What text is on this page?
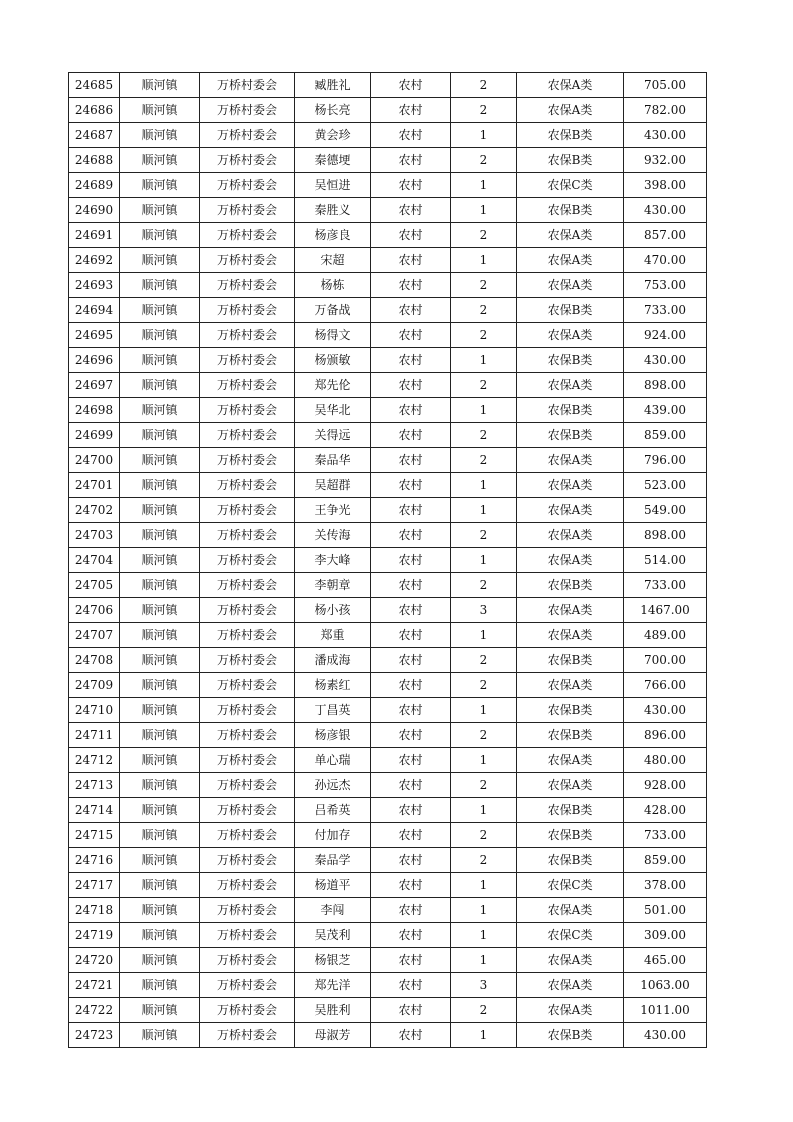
24685	顺河镇	万桥村委会	臧胜礼	农村	2	农保A类	705.00
24686	顺河镇	万桥村委会	杨长亮	农村	2	农保A类	782.00
24687	顺河镇	万桥村委会	黄会珍	农村	1	农保B类	430.00
24688	顺河镇	万桥村委会	秦德埂	农村	2	农保B类	932.00
24689	顺河镇	万桥村委会	吴恒进	农村	1	农保C类	398.00
24690	顺河镇	万桥村委会	秦胜义	农村	1	农保B类	430.00
24691	顺河镇	万桥村委会	杨彦良	农村	2	农保A类	857.00
24692	顺河镇	万桥村委会	宋超	农村	1	农保A类	470.00
24693	顺河镇	万桥村委会	杨栋	农村	2	农保A类	753.00
24694	顺河镇	万桥村委会	万备战	农村	2	农保B类	733.00
24695	顺河镇	万桥村委会	杨得文	农村	2	农保A类	924.00
24696	顺河镇	万桥村委会	杨颁敏	农村	1	农保B类	430.00
24697	顺河镇	万桥村委会	郑先伦	农村	2	农保A类	898.00
24698	顺河镇	万桥村委会	吴华北	农村	1	农保B类	439.00
24699	顺河镇	万桥村委会	关得远	农村	2	农保B类	859.00
24700	顺河镇	万桥村委会	秦品华	农村	2	农保A类	796.00
24701	顺河镇	万桥村委会	吴超群	农村	1	农保A类	523.00
24702	顺河镇	万桥村委会	王争光	农村	1	农保A类	549.00
24703	顺河镇	万桥村委会	关传海	农村	2	农保A类	898.00
24704	顺河镇	万桥村委会	李大峰	农村	1	农保A类	514.00
24705	顺河镇	万桥村委会	李朝章	农村	2	农保B类	733.00
24706	顺河镇	万桥村委会	杨小孩	农村	3	农保A类	1467.00
24707	顺河镇	万桥村委会	郑重	农村	1	农保A类	489.00
24708	顺河镇	万桥村委会	潘成海	农村	2	农保B类	700.00
24709	顺河镇	万桥村委会	杨素红	农村	2	农保A类	766.00
24710	顺河镇	万桥村委会	丁昌英	农村	1	农保B类	430.00
24711	顺河镇	万桥村委会	杨彦银	农村	2	农保B类	896.00
24712	顺河镇	万桥村委会	单心瑞	农村	1	农保A类	480.00
24713	顺河镇	万桥村委会	孙远杰	农村	2	农保A类	928.00
24714	顺河镇	万桥村委会	吕希英	农村	1	农保B类	428.00
24715	顺河镇	万桥村委会	付加存	农村	2	农保B类	733.00
24716	顺河镇	万桥村委会	秦品学	农村	2	农保B类	859.00
24717	顺河镇	万桥村委会	杨道平	农村	1	农保C类	378.00
24718	顺河镇	万桥村委会	李闯	农村	1	农保A类	501.00
24719	顺河镇	万桥村委会	吴茂利	农村	1	农保C类	309.00
24720	顺河镇	万桥村委会	杨银芝	农村	1	农保A类	465.00
24721	顺河镇	万桥村委会	郑先洋	农村	3	农保A类	1063.00
24722	顺河镇	万桥村委会	吴胜利	农村	2	农保A类	1011.00
24723	顺河镇	万桥村委会	母淑芳	农村	1	农保B类	430.00
